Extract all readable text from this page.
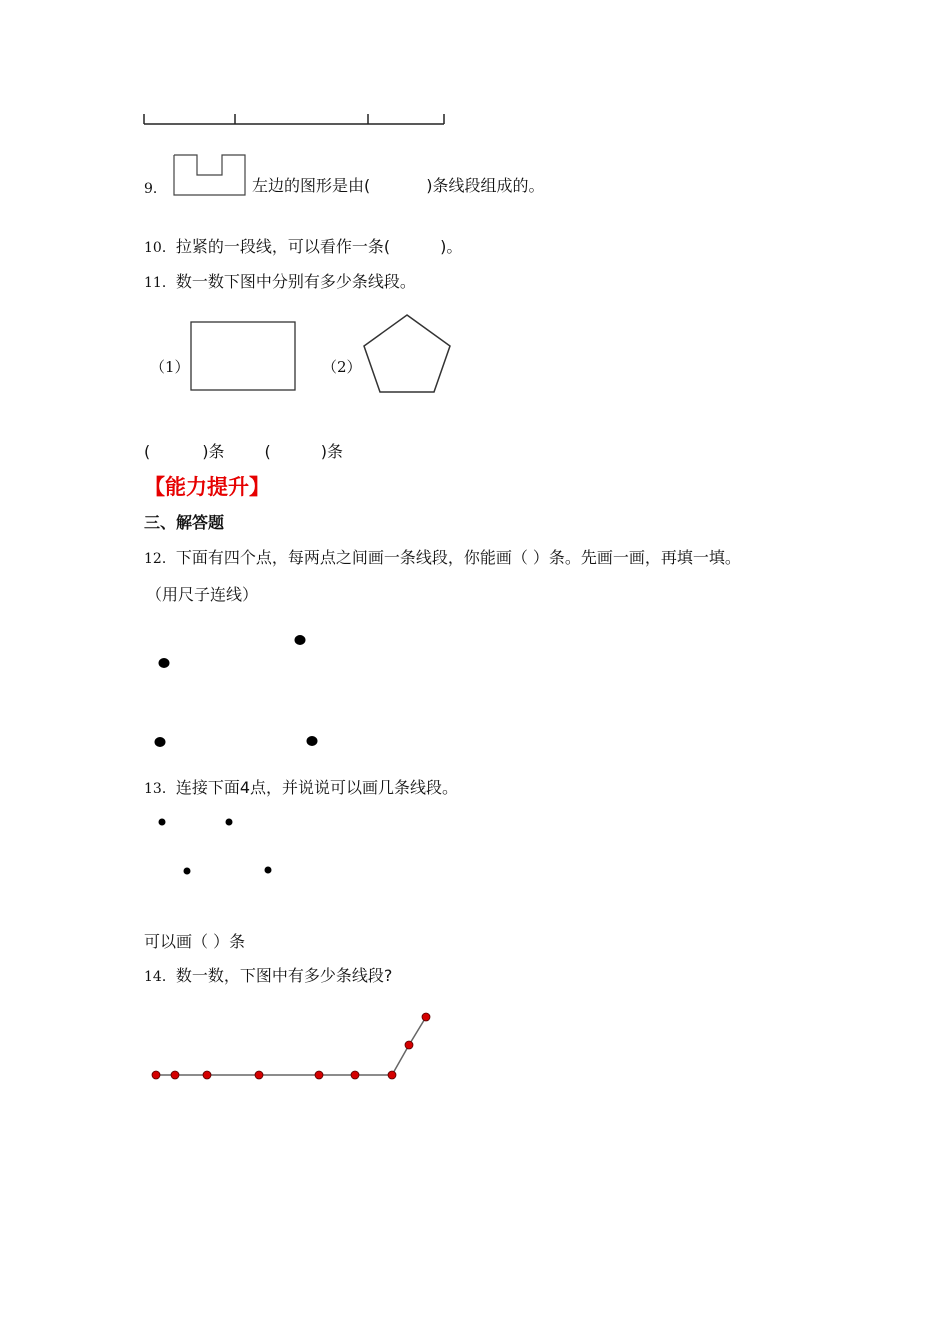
9．	左边的图形是由(	)条线段组成的。
10．拉紧的一段线，可以看作一条(	)。
11．数一数下图中分别有多少条线段。
（1）	（2）
(	)条	(	)条
【能力提升】
三、解答题
12．下面有四个点，每两点之间画一条线段，你能画（ ）条。先画一画，再填一填。
（用尺子连线）
13．连接下面4点，并说说可以画几条线段。
可以画（ ）条
14．数一数，下图中有多少条线段?
